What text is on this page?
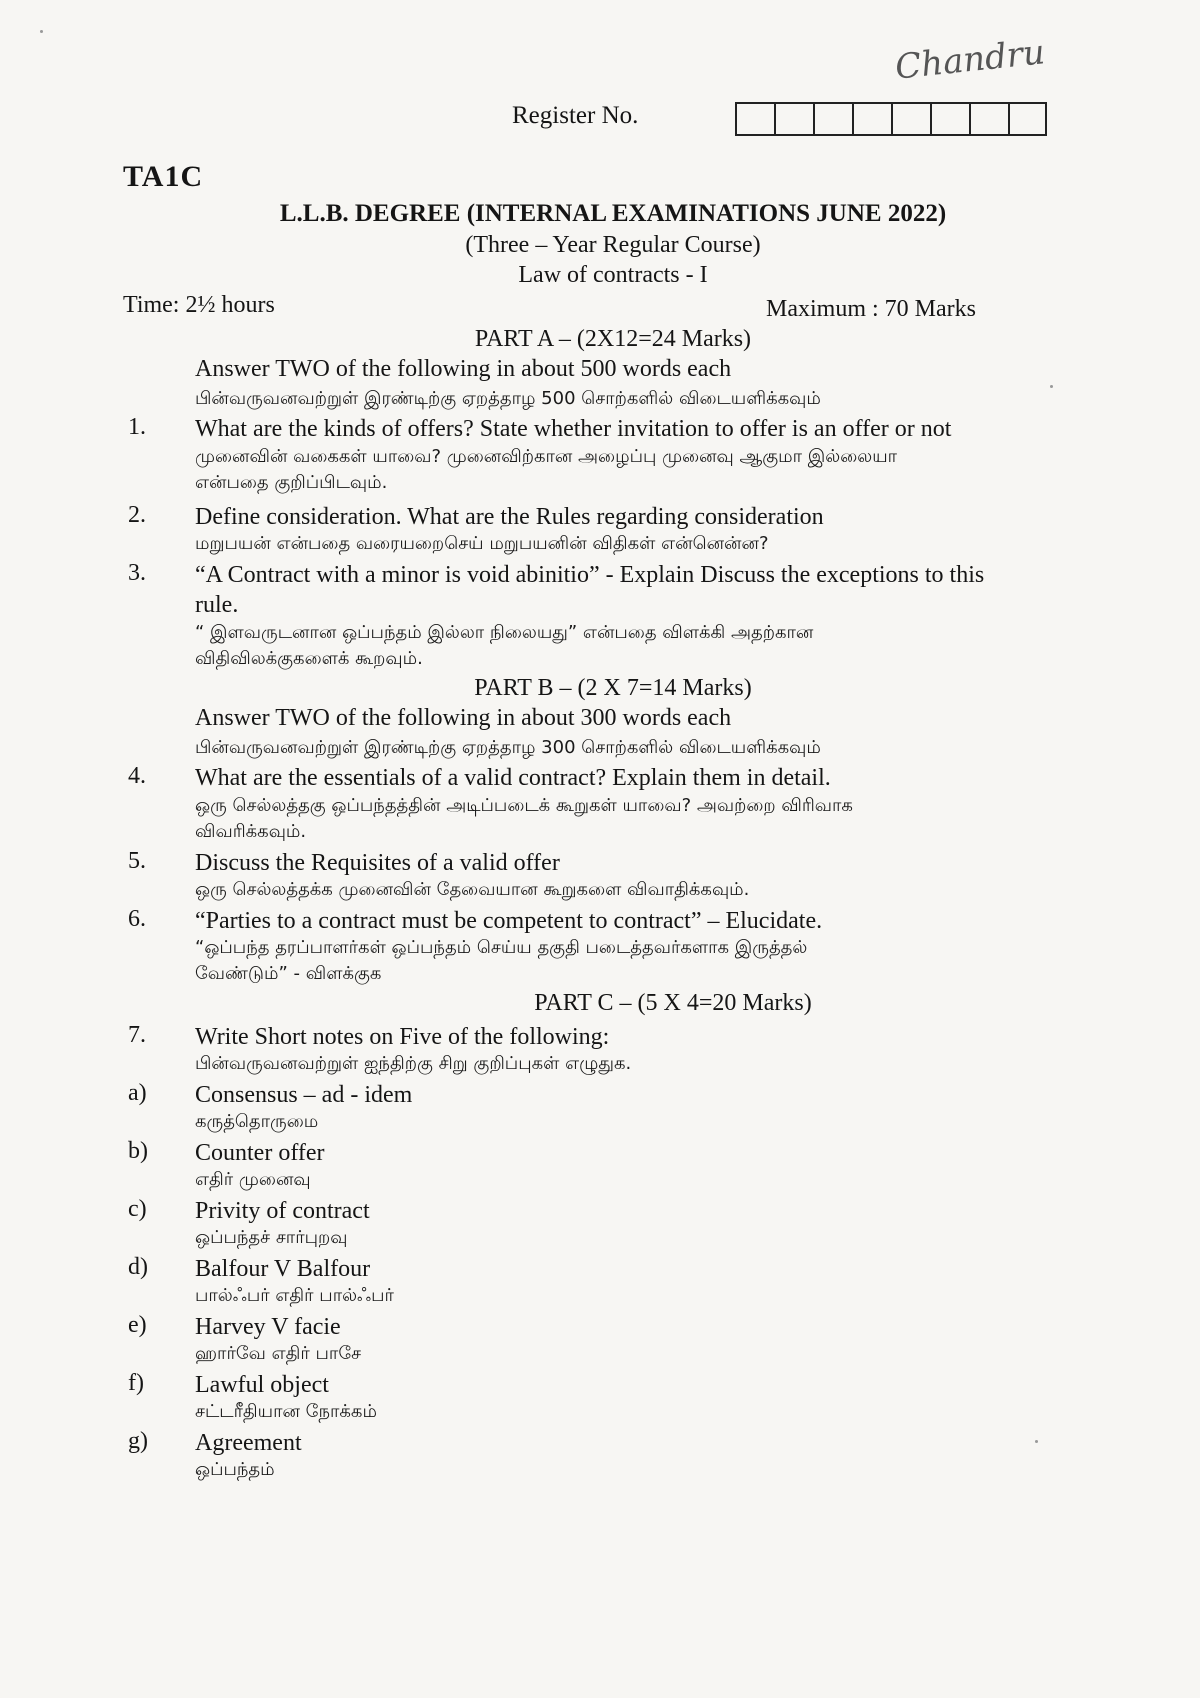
Chandru
Register No.
TA1C
L.L.B. DEGREE (INTERNAL EXAMINATIONS JUNE 2022)
(Three – Year Regular Course)
Law of contracts - I
Time: 2½ hours	Maximum : 70 Marks
PART A – (2X12=24 Marks)
Answer TWO of the following in about 500 words each
பின்வருவனவற்றுள் இரண்டிற்கு ஏறத்தாழ 500 சொற்களில் விடையளிக்கவும்
1. What are the kinds of offers? State whether invitation to offer is an offer or not
முனைவின் வகைகள் யாவை? முனைவிற்கான அழைப்பு முனைவு ஆகுமா இல்லையா
என்பதை குறிப்பிடவும்.
2. Define consideration. What are the Rules regarding consideration
மறுபயன் என்பதை வரையறைசெய் மறுபயனின் விதிகள் என்னென்ன?
3. “A Contract with a minor is void abinitio” - Explain Discuss the exceptions to this
rule.
“ இளவருடனான ஒப்பந்தம் இல்லா நிலையது” என்பதை விளக்கி அதற்கான
விதிவிலக்குகளைக் கூறவும்.
PART B – (2 X 7=14 Marks)
Answer TWO of the following in about 300 words each
பின்வருவனவற்றுள் இரண்டிற்கு ஏறத்தாழ 300 சொற்களில் விடையளிக்கவும்
4. What are the essentials of a valid contract? Explain them in detail.
ஒரு செல்லத்தகு ஒப்பந்தத்தின் அடிப்படைக் கூறுகள் யாவை? அவற்றை விரிவாக
விவரிக்கவும்.
5. Discuss the Requisites of a valid offer
ஒரு செல்லத்தக்க முனைவின் தேவையான கூறுகளை விவாதிக்கவும்.
6. “Parties to a contract must be competent to contract” – Elucidate.
“ஒப்பந்த தரப்பாளர்கள் ஒப்பந்தம் செய்ய தகுதி படைத்தவர்களாக இருத்தல்
வேண்டும்” - விளக்குக
PART C – (5 X 4=20 Marks)
7. Write Short notes on Five of the following:
பின்வருவனவற்றுள் ஐந்திற்கு சிறு குறிப்புகள் எழுதுக.
a) Consensus – ad - idem
கருத்தொருமை
b) Counter offer
எதிர் முனைவு
c) Privity of contract
ஒப்பந்தச் சார்புறவு
d) Balfour V Balfour
பால்ஃபர் எதிர் பால்ஃபர்
e) Harvey V facie
ஹார்வே எதிர் பாசே
f) Lawful object
சட்டரீதியான நோக்கம்
g) Agreement
ஒப்பந்தம்
